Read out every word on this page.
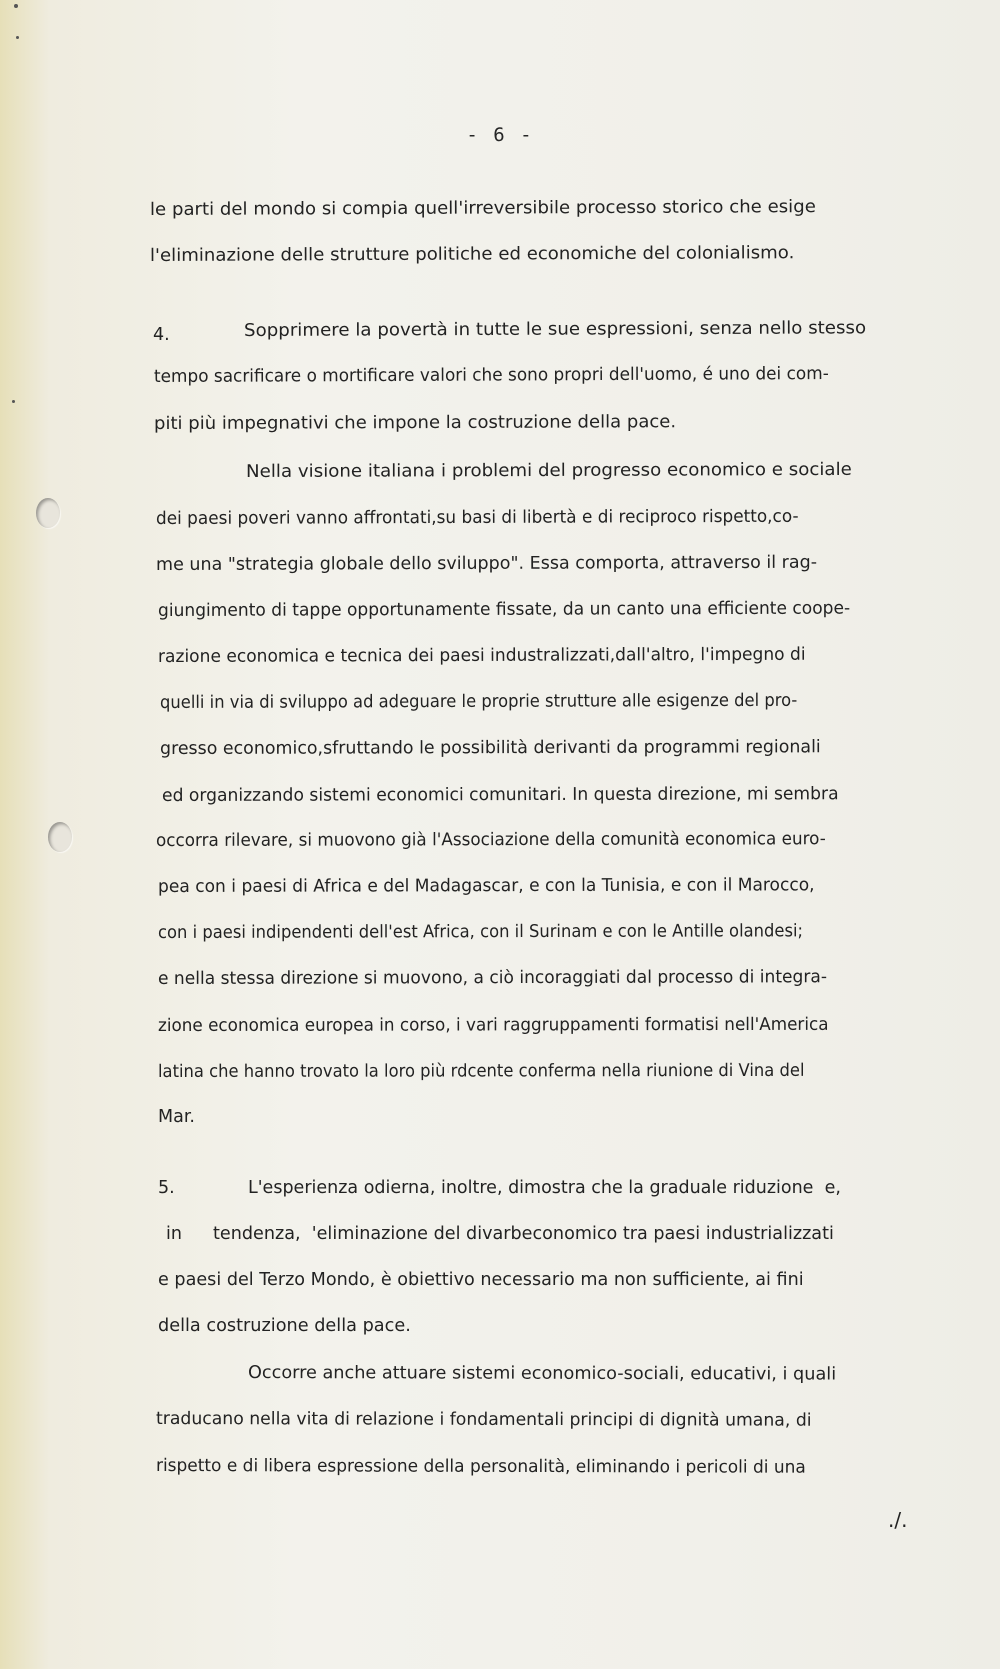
- 6 -
le parti del mondo si compia quell'irreversibile processo storico che esige
l'eliminazione delle strutture politiche ed economiche del colonialismo.
4.	Sopprimere la povertà in tutte le sue espressioni, senza nello stesso
tempo sacrificare o mortificare valori che sono propri dell'uomo, é uno dei com-
piti più impegnativi che impone la costruzione della pace.
Nella visione italiana i problemi del progresso economico e sociale
dei paesi poveri vanno affrontati,su basi di libertà e di reciproco rispetto,co-
me una "strategia globale dello sviluppo". Essa comporta, attraverso il rag-
giungimento di tappe opportunamente fissate, da un canto una efficiente coope-
razione economica e tecnica dei paesi industralizzati,dall'altro, l'impegno di
quelli in via di sviluppo ad adeguare le proprie strutture alle esigenze del pro-
gresso economico,sfruttando le possibilità derivanti da programmi regionali
ed organizzando sistemi economici comunitari. In questa direzione, mi sembra
occorra rilevare, si muovono già l'Associazione della comunità economica euro-
pea con i paesi di Africa e del Madagascar, e con la Tunisia, e con il Marocco,
con i paesi indipendenti dell'est Africa, con il Surinam e con le Antille olandesi;
e nella stessa direzione si muovono, a ciò incoraggiati dal processo di integra-
zione economica europea in corso, i vari raggruppamenti formatisi nell'America
latina che hanno trovato la loro più rdcente conferma nella riunione di Vina del
Mar.
5.	L'esperienza odierna, inoltre, dimostra che la graduale riduzione  e,
in tendenza,  'eliminazione del divarbeconomico tra paesi industrializzati
e paesi del Terzo Mondo, è obiettivo necessario ma non sufficiente, ai fini
della costruzione della pace.
Occorre anche attuare sistemi economico-sociali, educativi, i quali
traducano nella vita di relazione i fondamentali principi di dignità umana, di
rispetto e di libera espressione della personalità, eliminando i pericoli di una
./.
